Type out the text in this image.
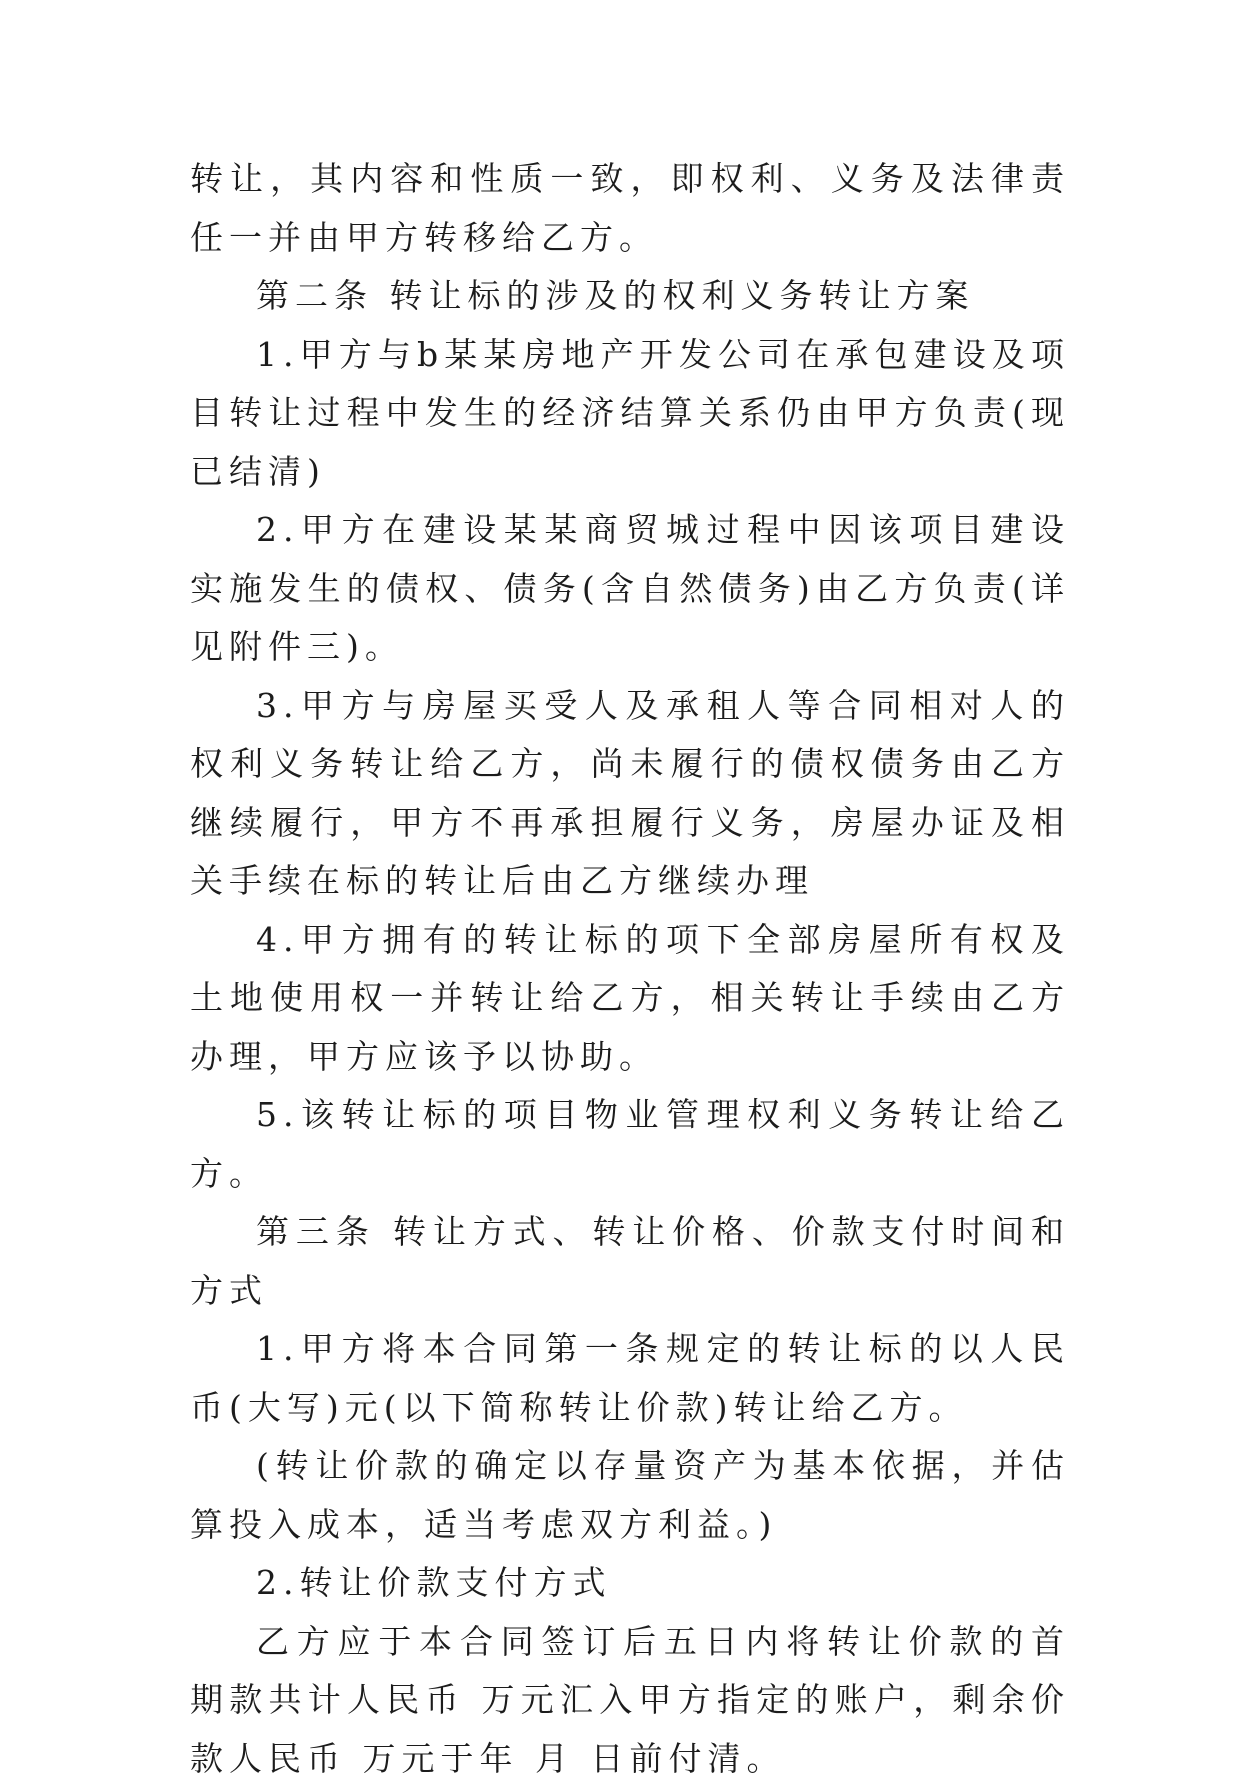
转让，其内容和性质一致，即权利、义务及法律责任一并由甲方转移给乙方。

第二条 转让标的涉及的权利义务转让方案

1.甲方与b某某房地产开发公司在承包建设及项目转让过程中发生的经济结算关系仍由甲方负责(现已结清)

2.甲方在建设某某商贸城过程中因该项目建设实施发生的债权、债务(含自然债务)由乙方负责(详见附件三)。

3.甲方与房屋买受人及承租人等合同相对人的权利义务转让给乙方，尚未履行的债权债务由乙方继续履行，甲方不再承担履行义务，房屋办证及相关手续在标的转让后由乙方继续办理

4.甲方拥有的转让标的项下全部房屋所有权及土地使用权一并转让给乙方，相关转让手续由乙方办理，甲方应该予以协助。

5.该转让标的项目物业管理权利义务转让给乙方。

第三条 转让方式、转让价格、价款支付时间和方式

1.甲方将本合同第一条规定的转让标的以人民币(大写)元(以下简称转让价款)转让给乙方。

(转让价款的确定以存量资产为基本依据，并估算投入成本，适当考虑双方利益。)

2.转让价款支付方式

乙方应于本合同签订后五日内将转让价款的首期款共计人民币 万元汇入甲方指定的账户，剩余价款人民币 万元于年 月 日前付清。
